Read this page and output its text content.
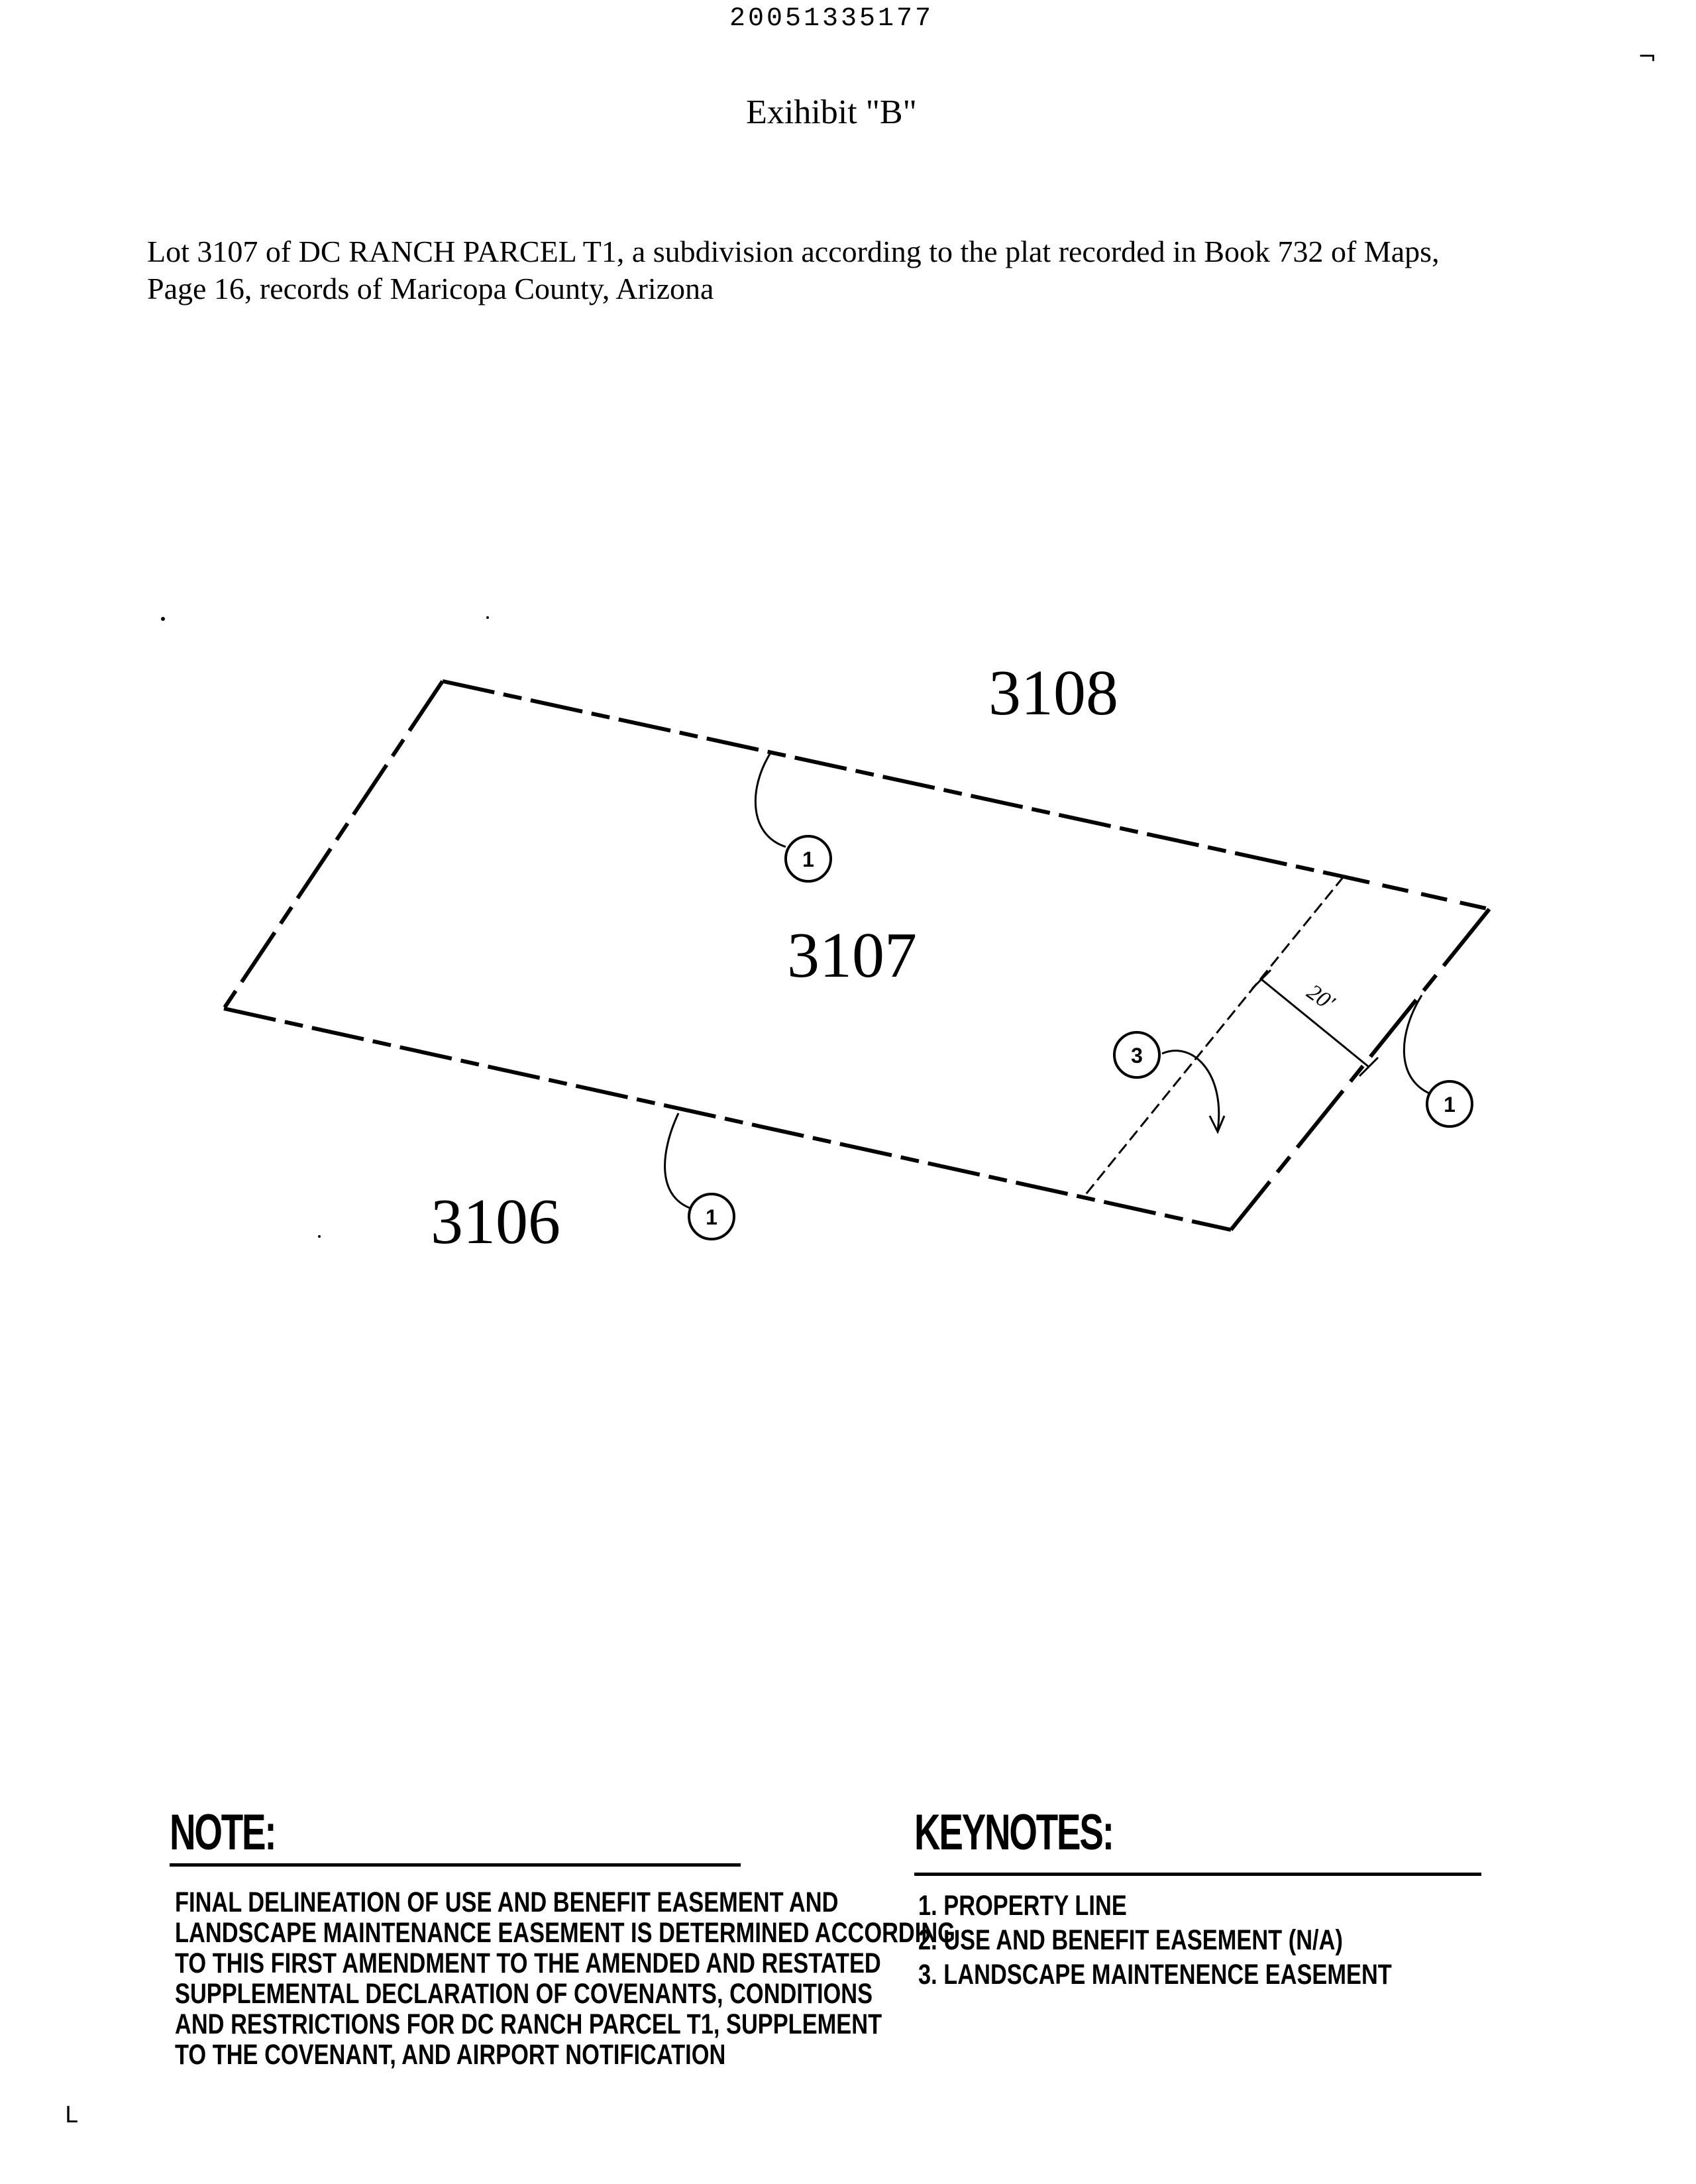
20051335177
¬
L
Exihibit "B"
Lot 3107 of DC RANCH PARCEL T1, a subdivision according to the plat recorded in Book 732 of Maps,
Page 16, records of Maricopa County, Arizona
20'
3108
3107
3106
1
1
1
3
NOTE:
FINAL DELINEATION OF USE AND BENEFIT EASEMENT AND
LANDSCAPE MAINTENANCE EASEMENT IS DETERMINED ACCORDING
TO THIS FIRST AMENDMENT TO THE AMENDED AND RESTATED
SUPPLEMENTAL DECLARATION OF COVENANTS, CONDITIONS
AND RESTRICTIONS FOR DC RANCH PARCEL T1, SUPPLEMENT
TO THE COVENANT, AND AIRPORT NOTIFICATION
KEYNOTES:
1. PROPERTY LINE
2. USE AND BENEFIT EASEMENT (N/A)
3. LANDSCAPE MAINTENENCE EASEMENT
